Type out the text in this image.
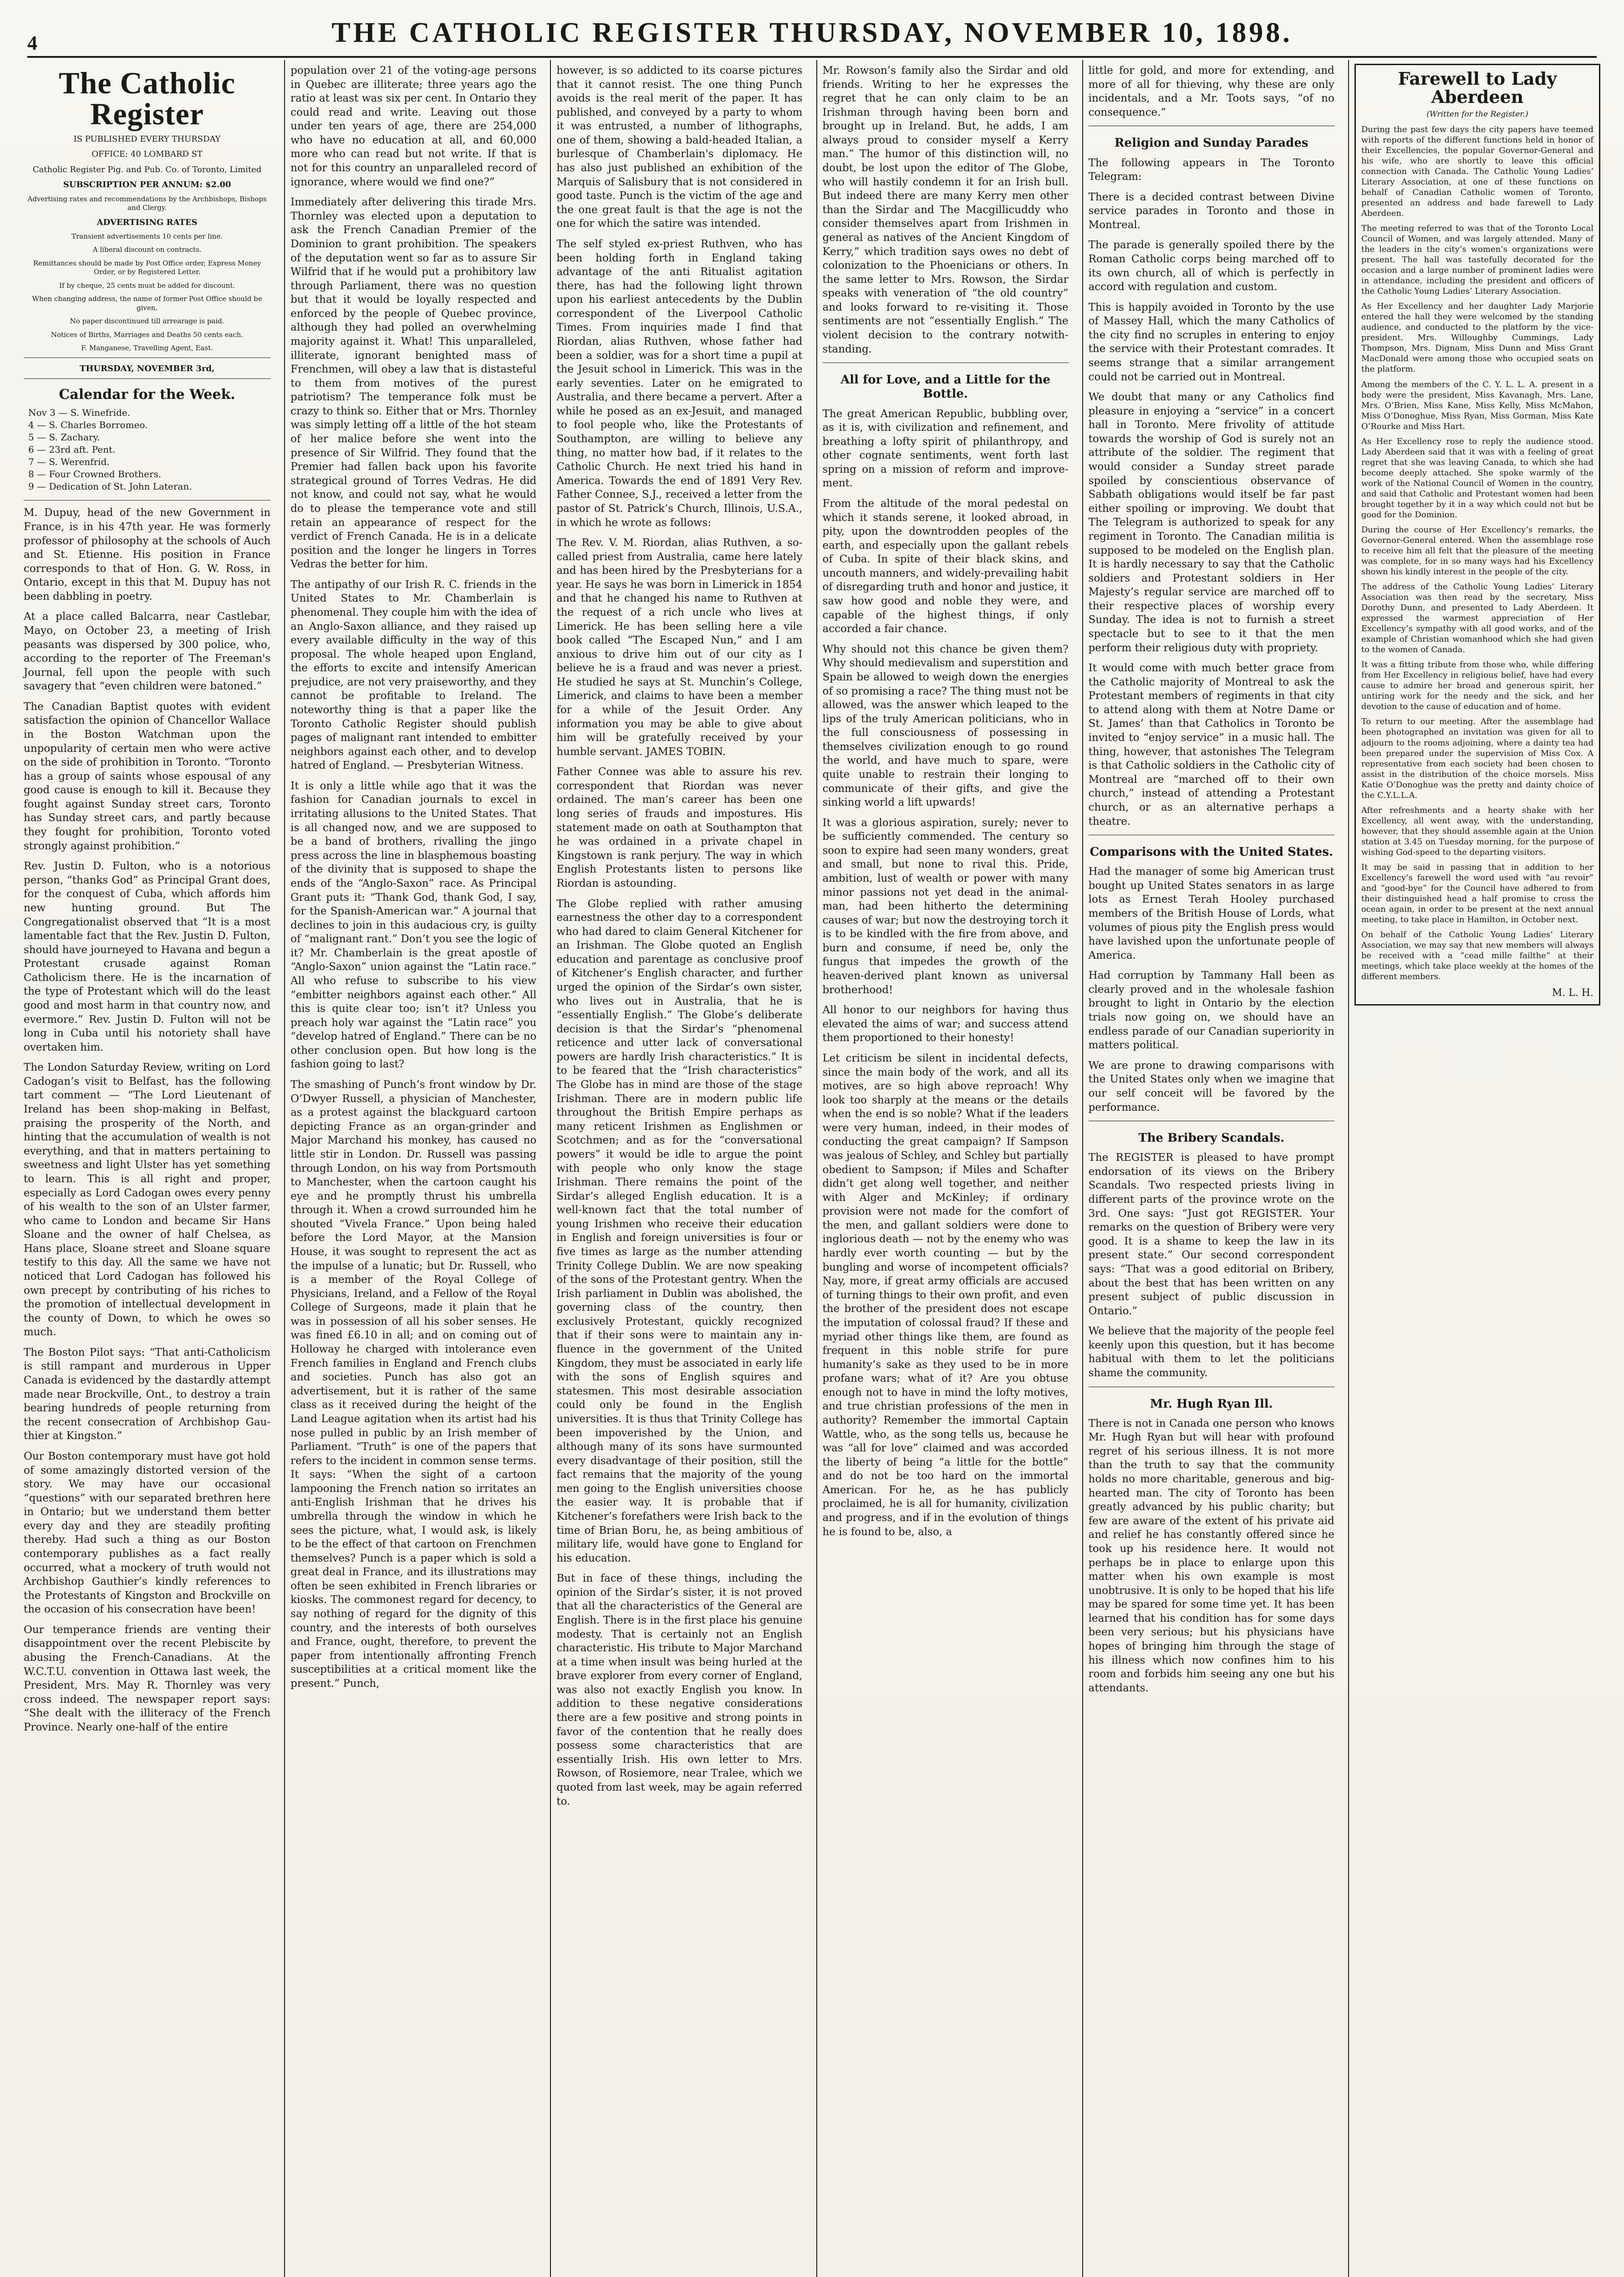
4	THE CATHOLIC REGISTER THURSDAY, NOVEMBER 10, 1898.
The Catholic Register
IS PUBLISHED EVERY THURSDAY
OFFICE: 40 LOMBARD ST
Catholic Register Pig. and Pub. Co. of Toronto, Limited
SUBSCRIPTION PER ANNUM: $2.00
Advertising rates and recommendations by the Archbishops, Bishops and Clergy.
ADVERTISING RATES
Transient advertisements 10 cents per line.
A liberal discount on contracts.
Remittances should be made by Post Office order, Express Money Order, or by Registered Letter.
If by cheque, 25 cents must be added for discount.
When changing address, the name of former Post Office should be given.
No paper discontinued till arrearage is paid.
Notices of Births, Marriages and Deaths 50 cents each.
F. Manganese, Travelling Agent, East.
THURSDAY, NOVEMBER 3rd,
Calendar for the Week.
Nov 3 — S. Winefride.
4 — S. Charles Borromeo.
5 — S. Zachary.
6 — 23rd aft. Pent.
7 — S. Werenfrid.
8 — Four Crowned Brothers.
9 — Dedication of St. John Lateran.

M. Dupuy, head of the new Government in France, is in his 47th year. He was formerly professor of philosophy at the schools of Auch and St. Etienne. His position in France corresponds to that of Hon. G. W. Ross, in Ontario, except in this that M. Dupuy has not been dabbling in poetry.

At a place called Balcarra, near Castlebar, Mayo, on October 23, a meeting of Irish peasants was dispersed by 300 police, who, according to the reporter of The Freeman's Journal, fell upon the people with such savagery that “even children were batoned.”

The Canadian Baptist quotes with evident satisfaction the opinion of Chancellor Wallace in the Boston Watchman upon the unpopularity of certain men who were active on the side of prohibition in Toronto. “Toronto has a group of saints whose espousal of any good cause is enough to kill it. Because they fought against Sunday street cars, Toronto has Sunday street cars, and partly because they fought for prohibition, Toronto voted strongly against prohibition.”

Rev. Justin D. Fulton, who is a notorious person, “thanks God” as Principal Grant does, for the conquest of Cuba, which affords him new hunting ground. But The Congregationalist observed that “It is a most lamentable fact that the Rev. Justin D. Fulton, should have journeyed to Havana and begun a Protestant crusade against Roman Catholicism there. He is the incarnation of the type of Protestant which will do the least good and most harm in that country now, and evermore.” Rev. Justin D. Fulton will not be long in Cuba until his notoriety shall have overtaken him.

The London Saturday Review, writing on Lord Cadogan’s visit to Belfast, has the following tart comment — “The Lord Lieutenant of Ireland has been shop-making in Belfast, praising the prosperity of the North, and hinting that the accumulation of wealth is not everything, and that in matters pertaining to sweetness and light Ulster has yet something to learn. This is all right and proper, especially as Lord Cadogan owes every penny of his wealth to the son of an Ulster farmer, who came to London and became Sir Hans Sloane and the owner of half Chelsea, as Hans place, Sloane street and Sloane square testify to this day. All the same we have not noticed that Lord Cadogan has followed his own precept by contributing of his riches to the promotion of intellectual development in the county of Down, to which he owes so much.

The Boston Pilot says: “That anti-Catholicism is still rampant and murderous in Upper Canada is evidenced by the dastardly attempt made near Brockville, Ont., to destroy a train bearing hundreds of people returning from the recent consecration of Archbishop Gauthier at Kingston.”

Our Boston contemporary must have got hold of some amazingly distorted version of the story. We may have our occasional “questions” with our separated brethren here in Ontario; but we understand them better every day and they are steadily profiting thereby. Had such a thing as our Boston contemporary publishes as a fact really occurred, what a mockery of truth would not Archbishop Gauthier’s kindly references to the Protestants of Kingston and Brockville on the occasion of his consecration have been!

Our temperance friends are venting their disappointment over the recent Plebiscite by abusing the French-Canadians. At the W.C.T.U. convention in Ottawa last week, the President, Mrs. May R. Thornley was very cross indeed. The newspaper report says: “She dealt with the illiteracy of the French Province. Nearly one-half of the entire

population over 21 of the voting-age persons in Quebec are illiterate; three years ago the ratio at least was six per cent. In Ontario they could read and write. Leaving out those under ten years of age, there are 254,000 who have no education at all, and 60,000 more who can read but not write. If that is not for this country an unparalleled record of ignorance, where would we find one?”

Immediately after delivering this tirade Mrs. Thornley was elected upon a deputation to ask the French Canadian Premier of the Dominion to grant prohibition. The speakers of the deputation went so far as to assure Sir Wilfrid that if he would put a prohibitory law through Parliament, there was no question but that it would be loyally respected and enforced by the people of Quebec province, although they had polled an overwhelming majority against it. What! This unparalleled, illiterate, ignorant benighted mass of Frenchmen, will obey a law that is distasteful to them from motives of the purest patriotism? The temperance folk must be crazy to think so. Either that or Mrs. Thornley was simply letting off a little of the hot steam of her malice before she went into the presence of Sir Wilfrid. They found that the Premier had fallen back upon his favorite strategical ground of Torres Vedras. He did not know, and could not say, what he would do to please the temperance vote and still retain an appearance of respect for the verdict of French Canada. He is in a delicate position and the longer he lingers in Torres Vedras the better for him.

The antipathy of our Irish R. C. friends in the United States to Mr. Chamberlain is phenomenal. They couple him with the idea of an Anglo-Saxon alliance, and they raised up every available difficulty in the way of this proposal. The whole heaped upon England, the efforts to excite and intensify American prejudice, are not very praiseworthy, and they cannot be profitable to Ireland. The noteworthy thing is that a paper like the Toronto Catholic Register should publish pages of malignant rant intended to embitter neighbors against each other, and to develop hatred of England. — Presbyterian Witness.

It is only a little while ago that it was the fashion for Canadian journals to excel in irritating allusions to the United States. That is all changed now, and we are supposed to be a band of brothers, rivalling the jingo press across the line in blasphemous boasting of the divinity that is supposed to shape the ends of the “Anglo-Saxon” race. As Principal Grant puts it: “Thank God, thank God, I say, for the Spanish-American war.” A journal that declines to join in this audacious cry, is guilty of “malignant rant.” Don’t you see the logic of it? Mr. Chamberlain is the great apostle of “Anglo-Saxon” union against the “Latin race.” All who refuse to subscribe to his view “embitter neighbors against each other.” All this is quite clear too; isn’t it? Unless you preach holy war against the “Latin race” you “develop hatred of England.” There can be no other conclusion open. But how long is the fashion going to last?

The smashing of Punch’s front window by Dr. O’Dwyer Russell, a physician of Manchester, as a protest against the blackguard cartoon depicting France as an organ-grinder and Major Marchand his monkey, has caused no little stir in London. Dr. Russell was passing through London, on his way from Portsmouth to Manchester, when the cartoon caught his eye and he promptly thrust his umbrella through it. When a crowd surrounded him he shouted “Vivela France.” Upon being haled before the Lord Mayor, at the Mansion House, it was sought to represent the act as the impulse of a lunatic; but Dr. Russell, who is a member of the Royal College of Physicians, Ireland, and a Fellow of the Royal College of Surgeons, made it plain that he was in possession of all his sober senses. He was fined £6.10 in all; and on coming out of Holloway he charged with intolerance even French families in England and French clubs and societies. Punch has also got an advertisement, but it is rather of the same class as it received during the height of the Land League agitation when its artist had his nose pulled in public by an Irish member of Parliament. “Truth” is one of the papers that refers to the incident in common sense terms. It says: “When the sight of a cartoon lampooning the French nation so irritates an anti-English Irishman that he drives his umbrella through the window in which he sees the picture, what, I would ask, is likely to be the effect of that cartoon on Frenchmen themselves? Punch is a paper which is sold a great deal in France, and its illustrations may often be seen exhibited in French libraries or kiosks. The commonest regard for decency, to say nothing of regard for the dignity of this country, and the interests of both ourselves and France, ought, therefore, to prevent the paper from intentionally affronting French susceptibilities at a critical moment like the present.” Punch,

however, is so addicted to its coarse pictures that it cannot resist. The one thing Punch avoids is the real merit of the paper. It has published, and conveyed by a party to whom it was entrusted, a number of lithographs, one of them, showing a bald-headed Italian, a burlesque of Chamberlain's diplomacy. He has also just published an exhibition of the Marquis of Salisbury that is not considered in good taste. Punch is the victim of the age and the one great fault is that the age is not the one for which the satire was intended.

The self styled ex-priest Ruthven, who has been holding forth in England taking advantage of the anti Ritualist agitation there, has had the following light thrown upon his earliest antecedents by the Dublin correspondent of the Liverpool Catholic Times. From inquiries made I find that Riordan, alias Ruthven, whose father had been a soldier, was for a short time a pupil at the Jesuit school in Limerick. This was in the early seventies. Later on he emigrated to Australia, and there became a pervert. After a while he posed as an ex-Jesuit, and managed to fool people who, like the Protestants of Southampton, are willing to believe any thing, no matter how bad, if it relates to the Catholic Church. He next tried his hand in America. Towards the end of 1891 Very Rev. Father Connee, S.J., received a letter from the pastor of St. Patrick’s Church, Illinois, U.S.A., in which he wrote as follows:

The Rev. V. M. Riordan, alias Ruthven, a so-called priest from Australia, came here lately and has been hired by the Presbyterians for a year. He says he was born in Limerick in 1854 and that he changed his name to Ruthven at the request of a rich uncle who lives at Limerick. He has been selling here a vile book called “The Escaped Nun,” and I am anxious to drive him out of our city as I believe he is a fraud and was never a priest. He studied he says at St. Munchin’s College, Limerick, and claims to have been a member for a while of the Jesuit Order. Any information you may be able to give about him will be gratefully received by your humble servant. JAMES TOBIN.

Father Connee was able to assure his rev. correspondent that Riordan was never ordained. The man’s career has been one long series of frauds and impostures. His statement made on oath at Southampton that he was ordained in a private chapel in Kingstown is rank perjury. The way in which English Protestants listen to persons like Riordan is astounding.

The Globe replied with rather amusing earnestness the other day to a correspondent who had dared to claim General Kitchener for an Irishman. The Globe quoted an English education and parentage as conclusive proof of Kitchener’s English character, and further urged the opinion of the Sirdar’s own sister, who lives out in Australia, that he is “essentially English.” The Globe’s deliberate decision is that the Sirdar’s “phenomenal reticence and utter lack of conversational powers are hardly Irish characteristics.” It is to be feared that the “Irish characteristics” The Globe has in mind are those of the stage Irishman. There are in modern public life throughout the British Empire perhaps as many reticent Irishmen as Englishmen or Scotchmen; and as for the “conversational powers” it would be idle to argue the point with people who only know the stage Irishman. There remains the point of the Sirdar’s alleged English education. It is a well-known fact that the total number of young Irishmen who receive their education in English and foreign universities is four or five times as large as the number attending Trinity College Dublin. We are now speaking of the sons of the Protestant gentry. When the Irish parliament in Dublin was abolished, the governing class of the country, then exclusively Protestant, quickly recognized that if their sons were to maintain any influence in the government of the United Kingdom, they must be associated in early life with the sons of English squires and statesmen. This most desirable association could only be found in the English universities. It is thus that Trinity College has been impoverished by the Union, and although many of its sons have surmounted every disadvantage of their position, still the fact remains that the majority of the young men going to the English universities choose the easier way. It is probable that if Kitchener’s forefathers were Irish back to the time of Brian Boru, he, as being ambitious of military life, would have gone to England for his education.

But in face of these things, including the opinion of the Sirdar’s sister, it is not proved that all the characteristics of the General are English. There is in the first place his genuine modesty. That is certainly not an English characteristic. His tribute to Major Marchand at a time when insult was being hurled at the brave explorer from every corner of England, was also not exactly English you know. In addition to these negative considerations there are a few positive and strong points in favor of the contention that he really does possess some characteristics that are essentially Irish. His own letter to Mrs. Rowson, of Rosiemore, near Tralee, which we quoted from last week, may be again referred to.

Mr. Rowson’s family also the Sirdar and old friends. Writing to her he expresses the regret that he can only claim to be an Irishman through having been born and brought up in Ireland. But, he adds, I am always proud to consider myself a Kerry man.” The humor of this distinction will, no doubt, be lost upon the editor of The Globe, who will hastily condemn it for an Irish bull. But indeed there are many Kerry men other than the Sirdar and The Macgillicuddy who consider themselves apart from Irishmen in general as natives of the Ancient Kingdom of Kerry,” which tradition says owes no debt of colonization to the Phoenicians or others. In the same letter to Mrs. Rowson, the Sirdar speaks with veneration of “the old country” and looks forward to re-visiting it. Those sentiments are not “essentially English.” The violent decision to the contrary notwithstanding.

All for Love, and a Little for the Bottle.

The great American Republic, bubbling over, as it is, with civilization and refinement, and breathing a lofty spirit of philanthropy, and other cognate sentiments, went forth last spring on a mission of reform and improvement.

From the altitude of the moral pedestal on which it stands serene, it looked abroad, in pity, upon the downtrodden peoples of the earth, and especially upon the gallant rebels of Cuba. In spite of their black skins, and uncouth manners, and widely-prevailing habit of disregarding truth and honor and justice, it saw how good and noble they were, and capable of the highest things, if only accorded a fair chance.

Why should not this chance be given them? Why should medievalism and superstition and Spain be allowed to weigh down the energies of so promising a race? The thing must not be allowed, was the answer which leaped to the lips of the truly American politicians, who in the full consciousness of possessing in themselves civilization enough to go round the world, and have much to spare, were quite unable to restrain their longing to communicate of their gifts, and give the sinking world a lift upwards!

It was a glorious aspiration, surely; never to be sufficiently commended. The century so soon to expire had seen many wonders, great and small, but none to rival this. Pride, ambition, lust of wealth or power with many minor passions not yet dead in the animal-man, had been hitherto the determining causes of war; but now the destroying torch it is to be kindled with the fire from above, and burn and consume, if need be, only the fungus that impedes the growth of the heaven-derived plant known as universal brotherhood!

All honor to our neighbors for having thus elevated the aims of war; and success attend them proportioned to their honesty!

Let criticism be silent in incidental defects, since the main body of the work, and all its motives, are so high above reproach! Why look too sharply at the means or the details when the end is so noble? What if the leaders were very human, indeed, in their modes of conducting the great campaign? If Sampson was jealous of Schley, and Schley but partially obedient to Sampson; if Miles and Schafter didn’t get along well together, and neither with Alger and McKinley; if ordinary provision were not made for the comfort of the men, and gallant soldiers were done to inglorious death — not by the enemy who was hardly ever worth counting — but by the bungling and worse of incompetent officials? Nay, more, if great army officials are accused of turning things to their own profit, and even the brother of the president does not escape the imputation of colossal fraud? If these and myriad other things like them, are found as frequent in this noble strife for pure humanity’s sake as they used to be in more profane wars; what of it? Are you obtuse enough not to have in mind the lofty motives, and true christian professions of the men in authority? Remember the immortal Captain Wattle, who, as the song tells us, because he was “all for love” claimed and was accorded the liberty of being “a little for the bottle” and do not be too hard on the immortal American. For he, as he has publicly proclaimed, he is all for humanity, civilization and progress, and if in the evolution of things he is found to be, also, a

little for gold, and more for extending, and more of all for thieving, why these are only incidentals, and a Mr. Toots says, “of no consequence.”

Religion and Sunday Parades

The following appears in The Toronto Telegram:

There is a decided contrast between Divine service parades in Toronto and those in Montreal.

The parade is generally spoiled there by the Roman Catholic corps being marched off to its own church, all of which is perfectly in accord with regulation and custom.

This is happily avoided in Toronto by the use of Massey Hall, which the many Catholics of the city find no scruples in entering to enjoy the service with their Protestant comrades. It seems strange that a similar arrangement could not be carried out in Montreal.

We doubt that many or any Catholics find pleasure in enjoying a “service” in a concert hall in Toronto. Mere frivolity of attitude towards the worship of God is surely not an attribute of the soldier. The regiment that would consider a Sunday street parade spoiled by conscientious observance of Sabbath obligations would itself be far past either spoiling or improving. We doubt that The Telegram is authorized to speak for any regiment in Toronto. The Canadian militia is supposed to be modeled on the English plan. It is hardly necessary to say that the Catholic soldiers and Protestant soldiers in Her Majesty’s regular service are marched off to their respective places of worship every Sunday. The idea is not to furnish a street spectacle but to see to it that the men perform their religious duty with propriety.

It would come with much better grace from the Catholic majority of Montreal to ask the Protestant members of regiments in that city to attend along with them at Notre Dame or St. James’ than that Catholics in Toronto be invited to “enjoy service” in a music hall. The thing, however, that astonishes The Telegram is that Catholic soldiers in the Catholic city of Montreal are “marched off to their own church,” instead of attending a Protestant church, or as an alternative perhaps a theatre.

Comparisons with the United States.

Had the manager of some big American trust bought up United States senators in as large lots as Ernest Terah Hooley purchased members of the British House of Lords, what volumes of pious pity the English press would have lavished upon the unfortunate people of America.

Had corruption by Tammany Hall been as clearly proved and in the wholesale fashion brought to light in Ontario by the election trials now going on, we should have an endless parade of our Canadian superiority in matters political.

We are prone to drawing comparisons with the United States only when we imagine that our self conceit will be favored by the performance.

The Bribery Scandals.

The REGISTER is pleased to have prompt endorsation of its views on the Bribery Scandals. Two respected priests living in different parts of the province wrote on the 3rd. One says: “Just got REGISTER. Your remarks on the question of Bribery were very good. It is a shame to keep the law in its present state.” Our second correspondent says: “That was a good editorial on Bribery, about the best that has been written on any present subject of public discussion in Ontario.”

We believe that the majority of the people feel keenly upon this question, but it has become habitual with them to let the politicians shame the community.

Mr. Hugh Ryan Ill.

There is not in Canada one person who knows Mr. Hugh Ryan but will hear with profound regret of his serious illness. It is not more than the truth to say that the community holds no more charitable, generous and big-hearted man. The city of Toronto has been greatly advanced by his public charity; but few are aware of the extent of his private aid and relief he has constantly offered since he took up his residence here. It would not perhaps be in place to enlarge upon this matter when his own example is most unobtrusive. It is only to be hoped that his life may be spared for some time yet. It has been learned that his condition has for some days been very serious; but his physicians have hopes of bringing him through the stage of his illness which now confines him to his room and forbids him seeing any one but his attendants.

Farewell to Lady Aberdeen
(Written for the Register.)

During the past few days the city papers have teemed with reports of the different functions held in honor of their Excellencies, the popular Governor-General and his wife, who are shortly to leave this official connection with Canada. The Catholic Young Ladies’ Literary Association, at one of these functions on behalf of Canadian Catholic women of Toronto, presented an address and bade farewell to Lady Aberdeen.

The meeting referred to was that of the Toronto Local Council of Women, and was largely attended. Many of the leaders in the city’s women’s organizations were present. The hall was tastefully decorated for the occasion and a large number of prominent ladies were in attendance, including the president and officers of the Catholic Young Ladies’ Literary Association.

As Her Excellency and her daughter Lady Marjorie entered the hall they were welcomed by the standing audience, and conducted to the platform by the vice-president. Mrs. Willoughby Cummings, Lady Thompson, Mrs. Dignam, Miss Dunn and Miss Grant MacDonald were among those who occupied seats on the platform.

Among the members of the C. Y. L. L. A. present in a body were the president, Miss Kavanagh, Mrs. Lane, Mrs. O’Brien, Miss Kane, Miss Kelly, Miss McMahon, Miss O’Donoghue, Miss Ryan, Miss Gorman, Miss Kate O’Rourke and Miss Hart.

As Her Excellency rose to reply the audience stood. Lady Aberdeen said that it was with a feeling of great regret that she was leaving Canada, to which she had become deeply attached. She spoke warmly of the work of the National Council of Women in the country, and said that Catholic and Protestant women had been brought together by it in a way which could not but be good for the Dominion.

During the course of Her Excellency’s remarks, the Governor-General entered. When the assemblage rose to receive him all felt that the pleasure of the meeting was complete, for in so many ways had his Excellency shown his kindly interest in the people of the city.

The address of the Catholic Young Ladies’ Literary Association was then read by the secretary, Miss Dorothy Dunn, and presented to Lady Aberdeen. It expressed the warmest appreciation of Her Excellency’s sympathy with all good works, and of the example of Christian womanhood which she had given to the women of Canada.

It was a fitting tribute from those who, while differing from Her Excellency in religious belief, have had every cause to admire her broad and generous spirit, her untiring work for the needy and the sick, and her devotion to the cause of education and of home.

To return to our meeting. After the assemblage had been photographed an invitation was given for all to adjourn to the rooms adjoining, where a dainty tea had been prepared under the supervision of Miss Cox. A representative from each society had been chosen to assist in the distribution of the choice morsels. Miss Katie O’Donoghue was the pretty and dainty choice of the C.Y.L.L.A.

After refreshments and a hearty shake with her Excellency, all went away, with the understanding, however, that they should assemble again at the Union station at 3.45 on Tuesday morning, for the purpose of wishing God-speed to the departing visitors.

It may be said in passing that in addition to her Excellency’s farewell the word used with “au revoir” and “good-bye” for the Council have adhered to from their distinguished head a half promise to cross the ocean again, in order to be present at the next annual meeting, to take place in Hamilton, in October next.

On behalf of the Catholic Young Ladies’ Literary Association, we may say that new members will always be received with a “cead mille failthe” at their meetings, which take place weekly at the homes of the different members.

M. L. H.
